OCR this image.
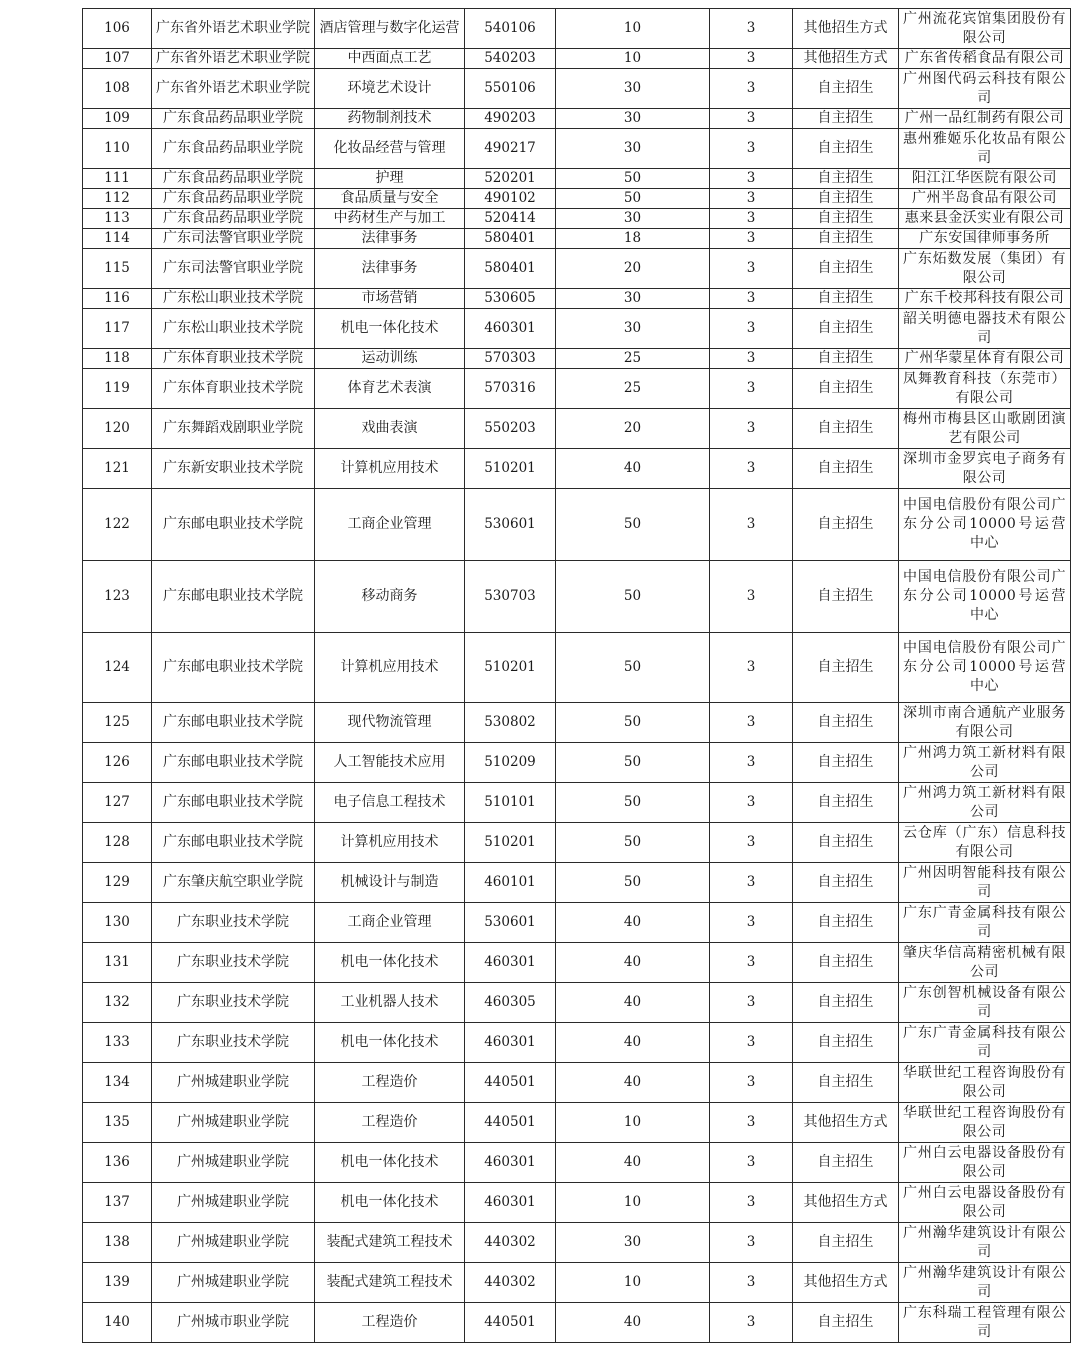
106	广东省外语艺术职业学院	酒店管理与数字化运营	540106	10	3	其他招生方式	广州流花宾馆集团股份有限公司
107	广东省外语艺术职业学院	中西面点工艺	540203	10	3	其他招生方式	广东省传稻食品有限公司
108	广东省外语艺术职业学院	环境艺术设计	550106	30	3	自主招生	广州图代码云科技有限公司
109	广东食品药品职业学院	药物制剂技术	490203	30	3	自主招生	广州一品红制药有限公司
110	广东食品药品职业学院	化妆品经营与管理	490217	30	3	自主招生	惠州雅姬乐化妆品有限公司
111	广东食品药品职业学院	护理	520201	50	3	自主招生	阳江江华医院有限公司
112	广东食品药品职业学院	食品质量与安全	490102	50	3	自主招生	广州半岛食品有限公司
113	广东食品药品职业学院	中药材生产与加工	520414	30	3	自主招生	惠来县金沃实业有限公司
114	广东司法警官职业学院	法律事务	580401	18	3	自主招生	广东安国律师事务所
115	广东司法警官职业学院	法律事务	580401	20	3	自主招生	广东炻数发展（集团）有限公司
116	广东松山职业技术学院	市场营销	530605	30	3	自主招生	广东千校邦科技有限公司
117	广东松山职业技术学院	机电一体化技术	460301	30	3	自主招生	韶关明德电器技术有限公司
118	广东体育职业技术学院	运动训练	570303	25	3	自主招生	广州华蒙星体育有限公司
119	广东体育职业技术学院	体育艺术表演	570316	25	3	自主招生	凤舞教育科技（东莞市）有限公司
120	广东舞蹈戏剧职业学院	戏曲表演	550203	20	3	自主招生	梅州市梅县区山歌剧团演艺有限公司
121	广东新安职业技术学院	计算机应用技术	510201	40	3	自主招生	深圳市金罗宾电子商务有限公司
122	广东邮电职业技术学院	工商企业管理	530601	50	3	自主招生	中国电信股份有限公司广东分公司10000号运营中心
123	广东邮电职业技术学院	移动商务	530703	50	3	自主招生	中国电信股份有限公司广东分公司10000号运营中心
124	广东邮电职业技术学院	计算机应用技术	510201	50	3	自主招生	中国电信股份有限公司广东分公司10000号运营中心
125	广东邮电职业技术学院	现代物流管理	530802	50	3	自主招生	深圳市南合通航产业服务有限公司
126	广东邮电职业技术学院	人工智能技术应用	510209	50	3	自主招生	广州鸿力筑工新材料有限公司
127	广东邮电职业技术学院	电子信息工程技术	510101	50	3	自主招生	广州鸿力筑工新材料有限公司
128	广东邮电职业技术学院	计算机应用技术	510201	50	3	自主招生	云仓库（广东）信息科技有限公司
129	广东肇庆航空职业学院	机械设计与制造	460101	50	3	自主招生	广州因明智能科技有限公司
130	广东职业技术学院	工商企业管理	530601	40	3	自主招生	广东广青金属科技有限公司
131	广东职业技术学院	机电一体化技术	460301	40	3	自主招生	肇庆华信高精密机械有限公司
132	广东职业技术学院	工业机器人技术	460305	40	3	自主招生	广东创智机械设备有限公司
133	广东职业技术学院	机电一体化技术	460301	40	3	自主招生	广东广青金属科技有限公司
134	广州城建职业学院	工程造价	440501	40	3	自主招生	华联世纪工程咨询股份有限公司
135	广州城建职业学院	工程造价	440501	10	3	其他招生方式	华联世纪工程咨询股份有限公司
136	广州城建职业学院	机电一体化技术	460301	40	3	自主招生	广州白云电器设备股份有限公司
137	广州城建职业学院	机电一体化技术	460301	10	3	其他招生方式	广州白云电器设备股份有限公司
138	广州城建职业学院	装配式建筑工程技术	440302	30	3	自主招生	广州瀚华建筑设计有限公司
139	广州城建职业学院	装配式建筑工程技术	440302	10	3	其他招生方式	广州瀚华建筑设计有限公司
140	广州城市职业学院	工程造价	440501	40	3	自主招生	广东科瑞工程管理有限公司
